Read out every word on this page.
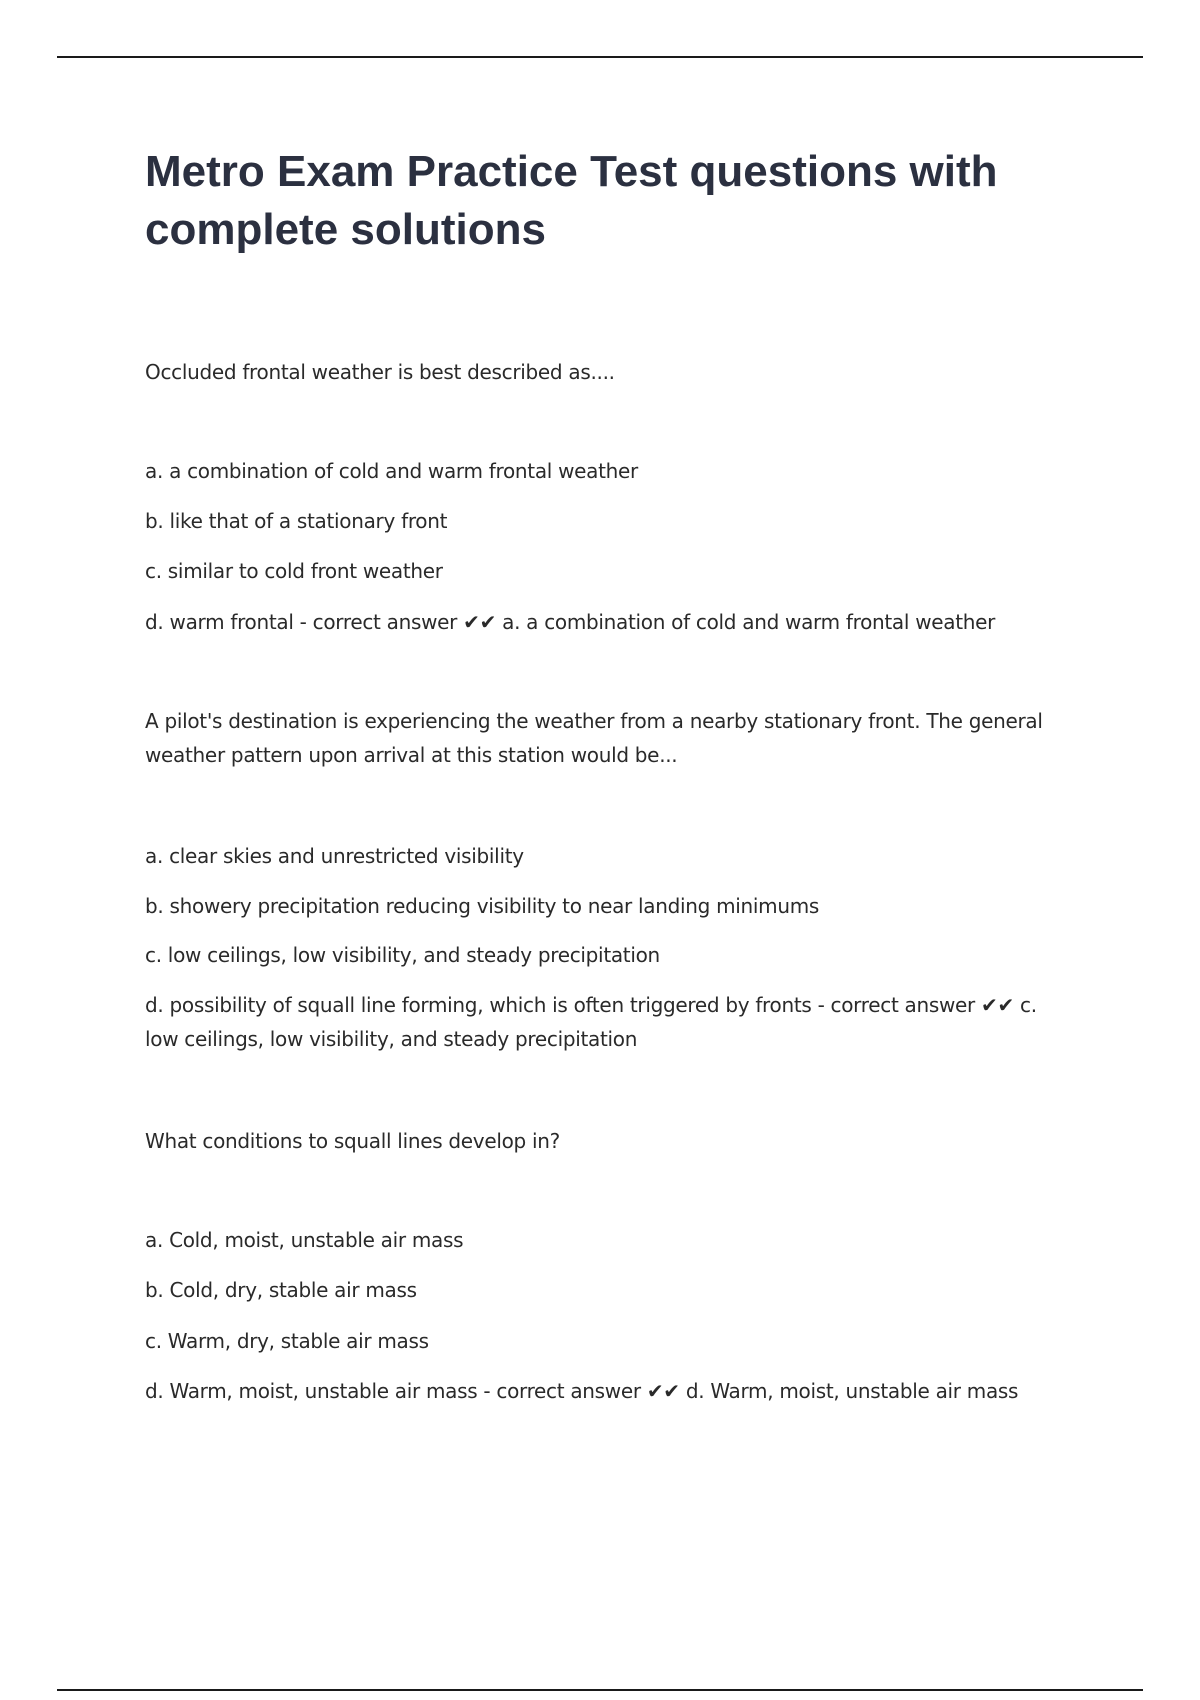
Metro Exam Practice Test questions with complete solutions

Occluded frontal weather is best described as....

a. a combination of cold and warm frontal weather

b. like that of a stationary front

c. similar to cold front weather

d. warm frontal - correct answer ✔✔ a. a combination of cold and warm frontal weather

A pilot's destination is experiencing the weather from a nearby stationary front. The general weather pattern upon arrival at this station would be...

a. clear skies and unrestricted visibility

b. showery precipitation reducing visibility to near landing minimums

c. low ceilings, low visibility, and steady precipitation

d. possibility of squall line forming, which is often triggered by fronts - correct answer ✔✔ c. low ceilings, low visibility, and steady precipitation

What conditions to squall lines develop in?

a. Cold, moist, unstable air mass

b. Cold, dry, stable air mass

c. Warm, dry, stable air mass

d. Warm, moist, unstable air mass - correct answer ✔✔ d. Warm, moist, unstable air mass
